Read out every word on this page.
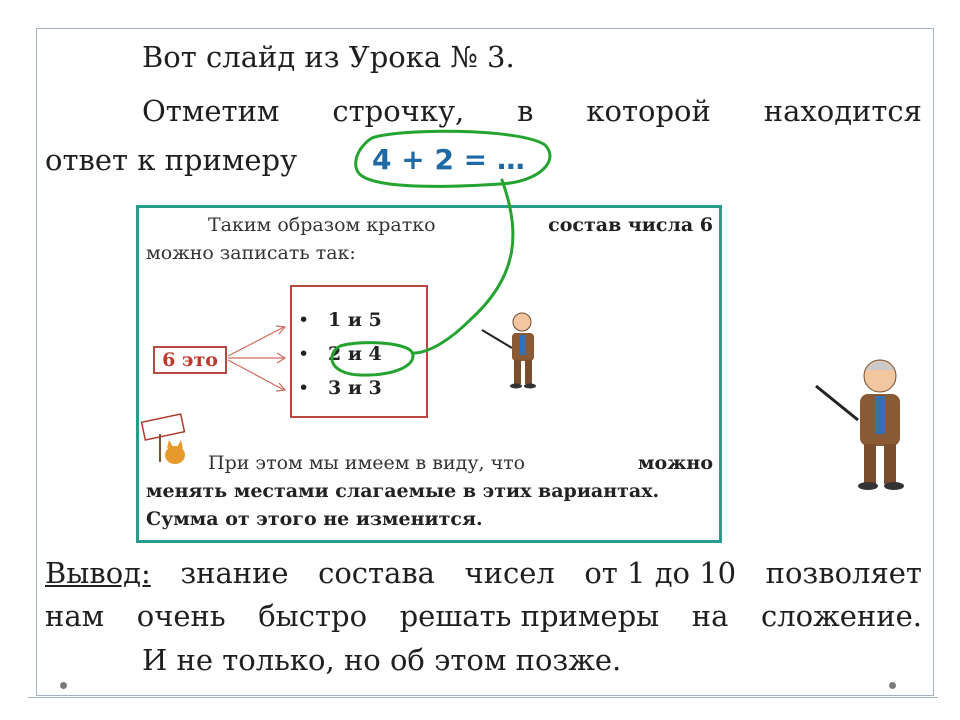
Вот слайд из Урока № 3.
Отметим строчку, в которой находится
ответ к примеру	4 + 2 = …
Таким образом кратко	состав числа 6
можно записать так:
6 это
• 1 и 5
• 2 и 4
• 3 и 3
При этом мы имеем в виду, что	можно
менять местами слагаемые в этих вариантах.
Сумма от этого не изменится.
Вывод: знание состава чисел от 1 до 10 позволяет
нам очень быстро решать примеры на сложение.
И не только, но об этом позже.
